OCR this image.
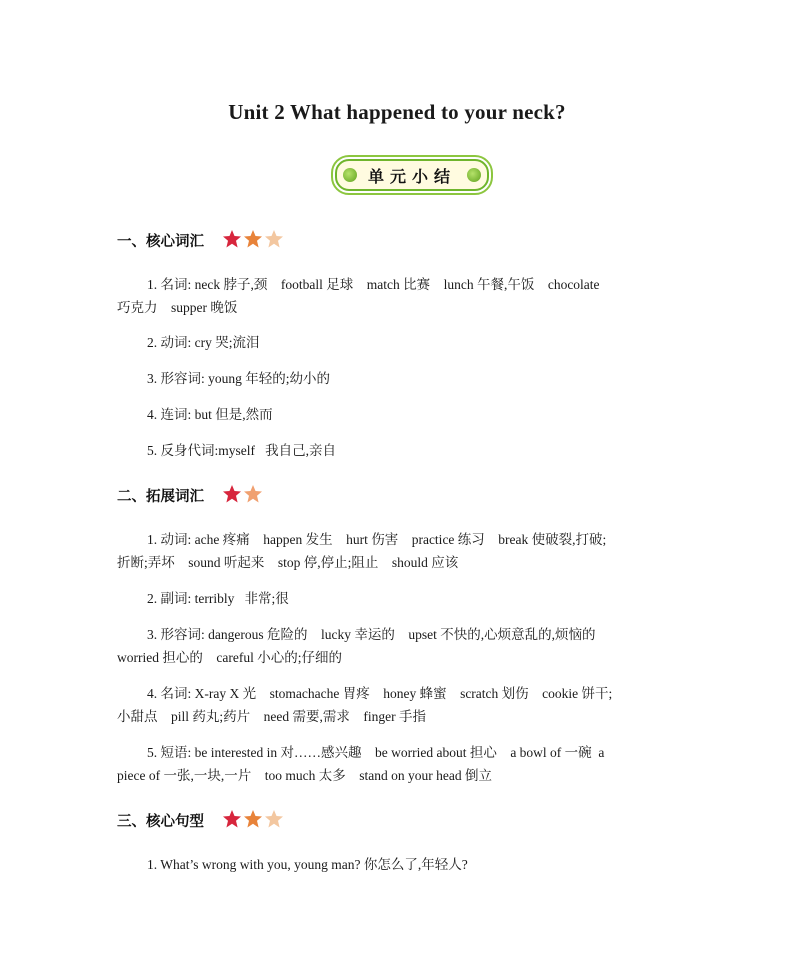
Unit 2 What happened to your neck?
单元小结
一、核心词汇
1. 名词: neck 脖子,颈    football 足球    match 比赛    lunch 午餐,午饭    chocolate
巧克力    supper 晚饭
2. 动词: cry 哭;流泪
3. 形容词: young 年轻的;幼小的
4. 连词: but 但是,然而
5. 反身代词:myself   我自己,亲自
二、拓展词汇
1. 动词: ache 疼痛    happen 发生    hurt 伤害    practice 练习    break 使破裂,打破;
折断;弄坏    sound 听起来    stop 停,停止;阻止    should 应该
2. 副词: terribly   非常;很
3. 形容词: dangerous 危险的    lucky 幸运的    upset 不快的,心烦意乱的,烦恼的
worried 担心的    careful 小心的;仔细的
4. 名词: X-ray X 光    stomachache 胃疼    honey 蜂蜜    scratch 划伤    cookie 饼干;
小甜点    pill 药丸;药片    need 需要,需求    finger 手指
5. 短语: be interested in 对……感兴趣    be worried about 担心    a bowl of 一碗  a
piece of 一张,一块,一片    too much 太多    stand on your head 倒立
三、核心句型
1. What’s wrong with you, young man? 你怎么了,年轻人?
